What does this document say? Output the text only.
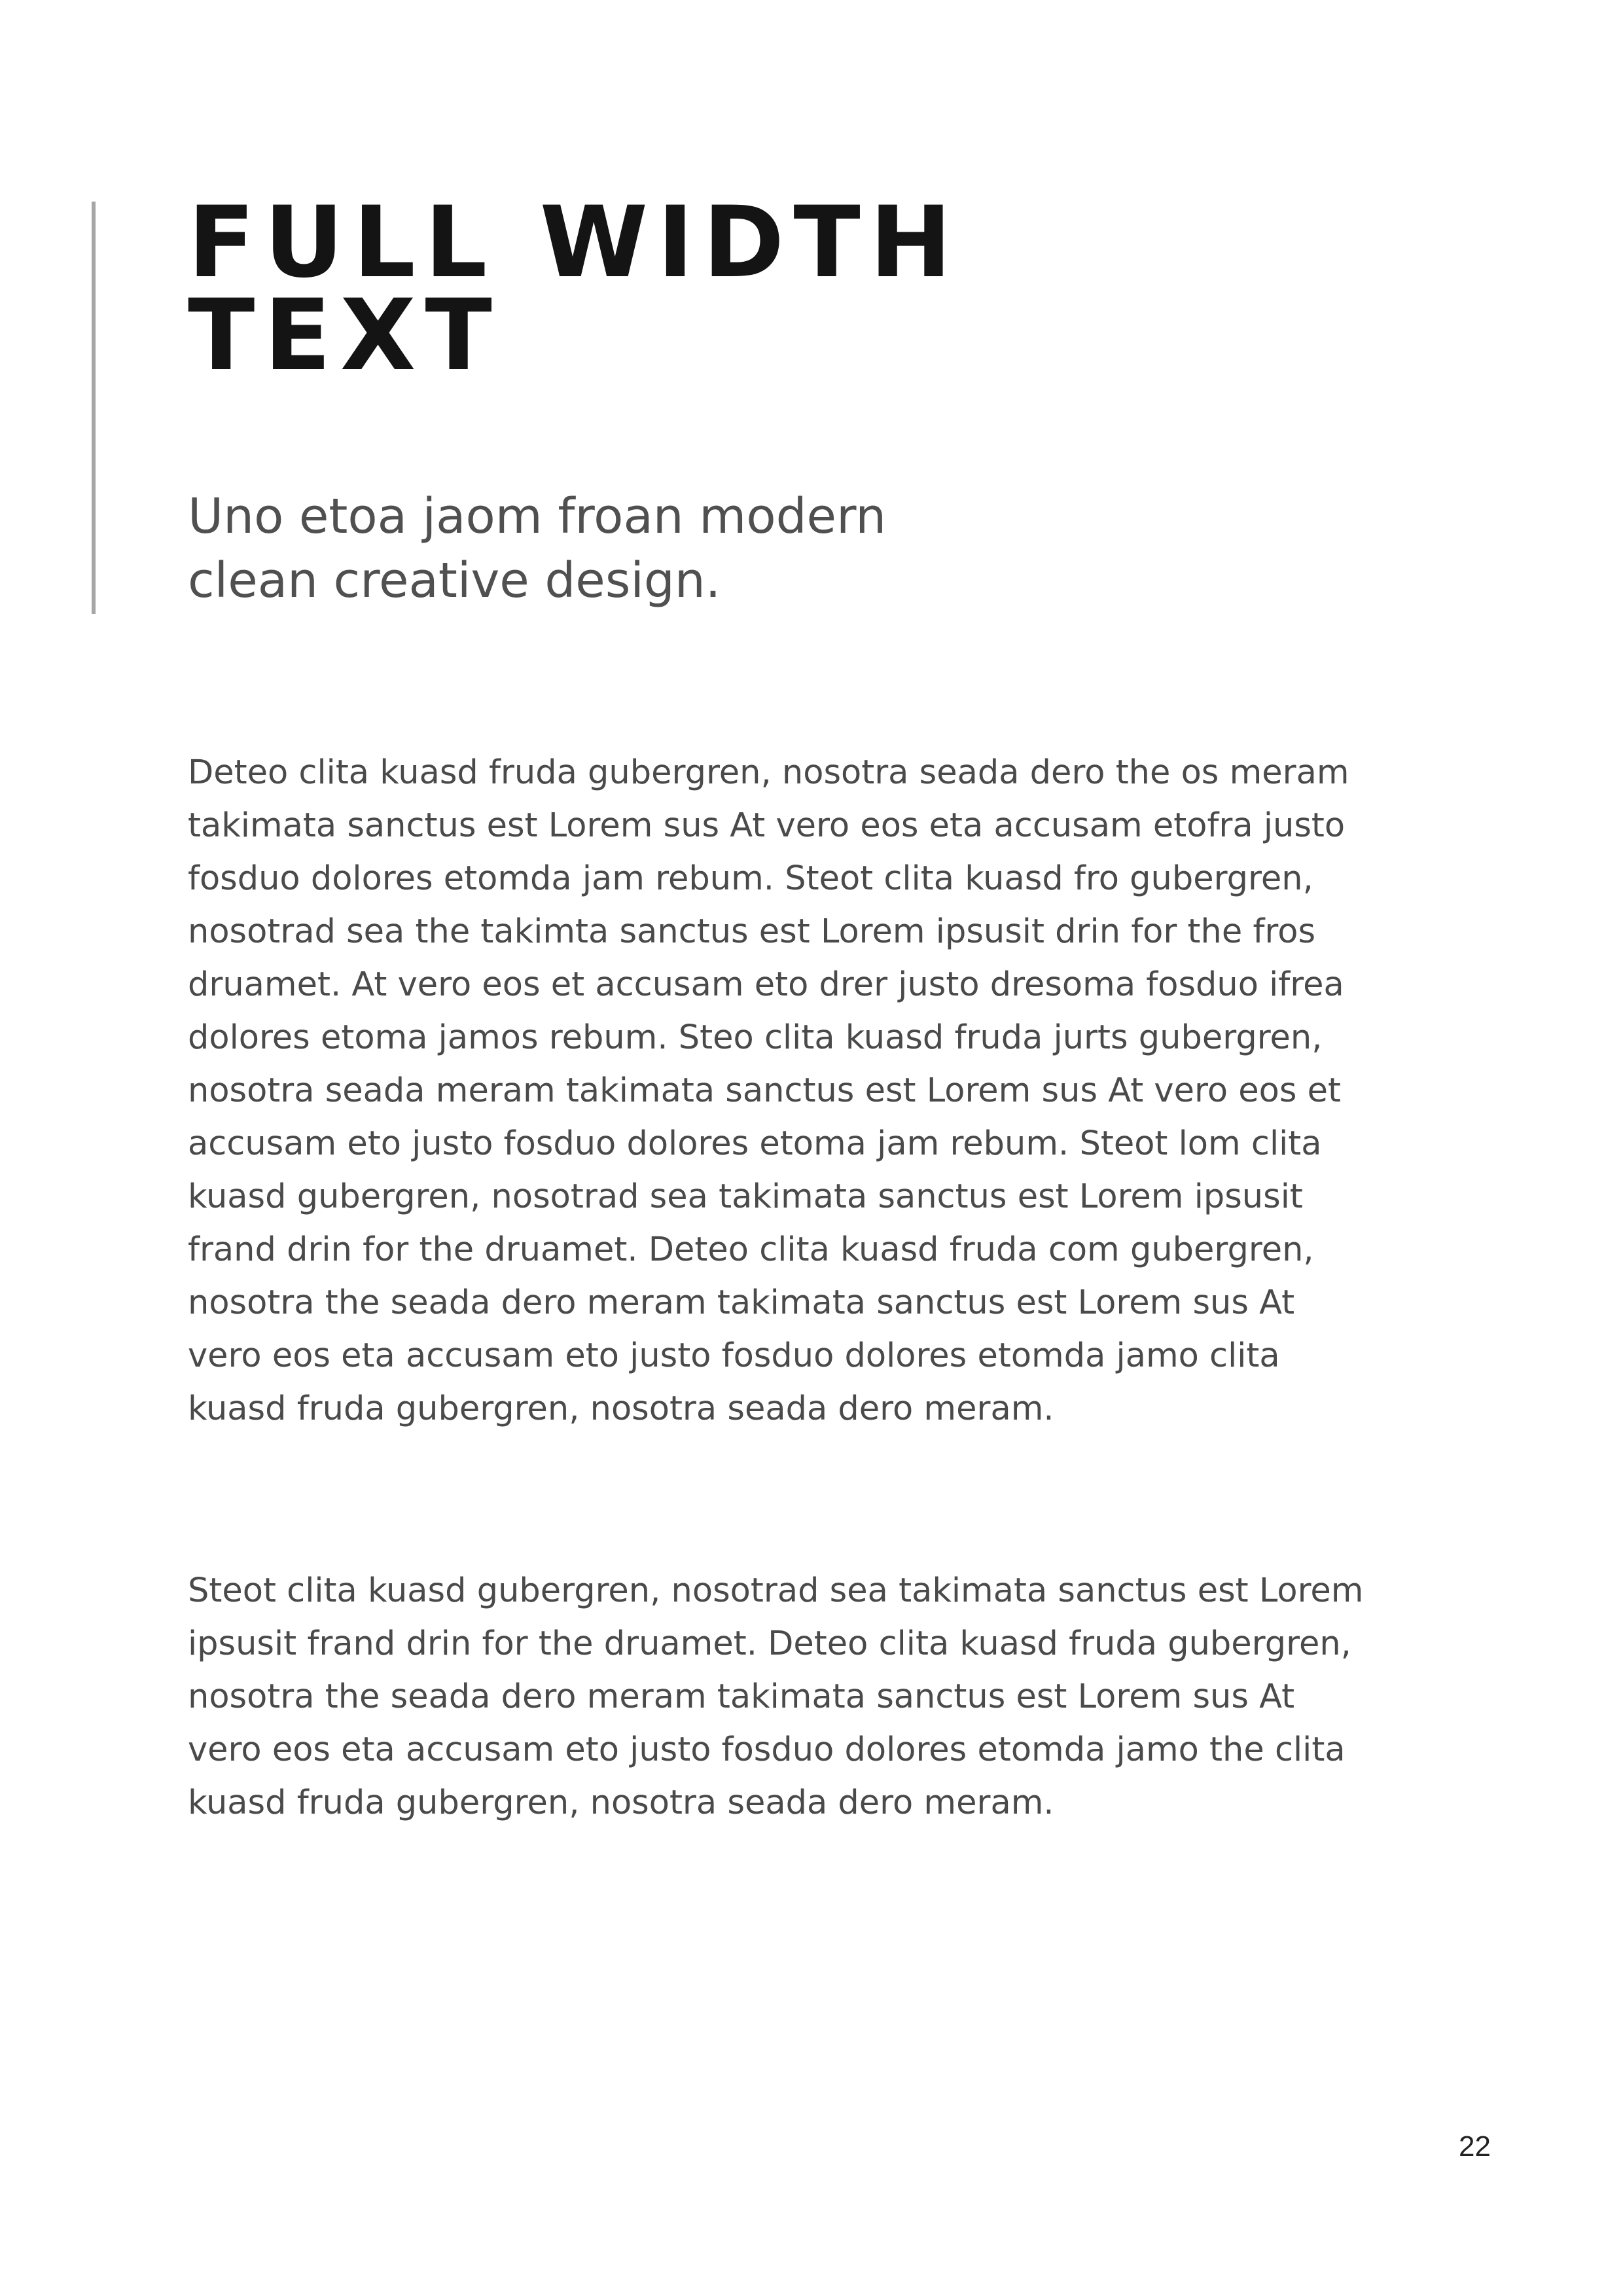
FULL WIDTH
TEXT
Uno etoa jaom froan modern
clean creative design.

Deteo clita kuasd fruda gubergren, nosotra seada dero the os meram
takimata sanctus est Lorem sus At vero eos eta accusam etofra justo
fosduo dolores etomda jam rebum. Steot clita kuasd fro gubergren,
nosotrad sea the takimta sanctus est Lorem ipsusit drin for the fros
druamet. At vero eos et accusam eto drer justo dresoma fosduo ifrea
dolores etoma jamos rebum. Steo clita kuasd fruda jurts gubergren,
nosotra seada meram takimata sanctus est Lorem sus At vero eos et
accusam eto justo fosduo dolores etoma jam rebum. Steot lom clita
kuasd gubergren, nosotrad sea takimata sanctus est Lorem ipsusit
frand drin for the druamet. Deteo clita kuasd fruda com gubergren,
nosotra the seada dero meram takimata sanctus est Lorem sus At
vero eos eta accusam eto justo fosduo dolores etomda jamo clita
kuasd fruda gubergren, nosotra seada dero meram.

Steot clita kuasd gubergren, nosotrad sea takimata sanctus est Lorem
ipsusit frand drin for the druamet. Deteo clita kuasd fruda gubergren,
nosotra the seada dero meram takimata sanctus est Lorem sus At
vero eos eta accusam eto justo fosduo dolores etomda jamo the clita
kuasd fruda gubergren, nosotra seada dero meram.

22
